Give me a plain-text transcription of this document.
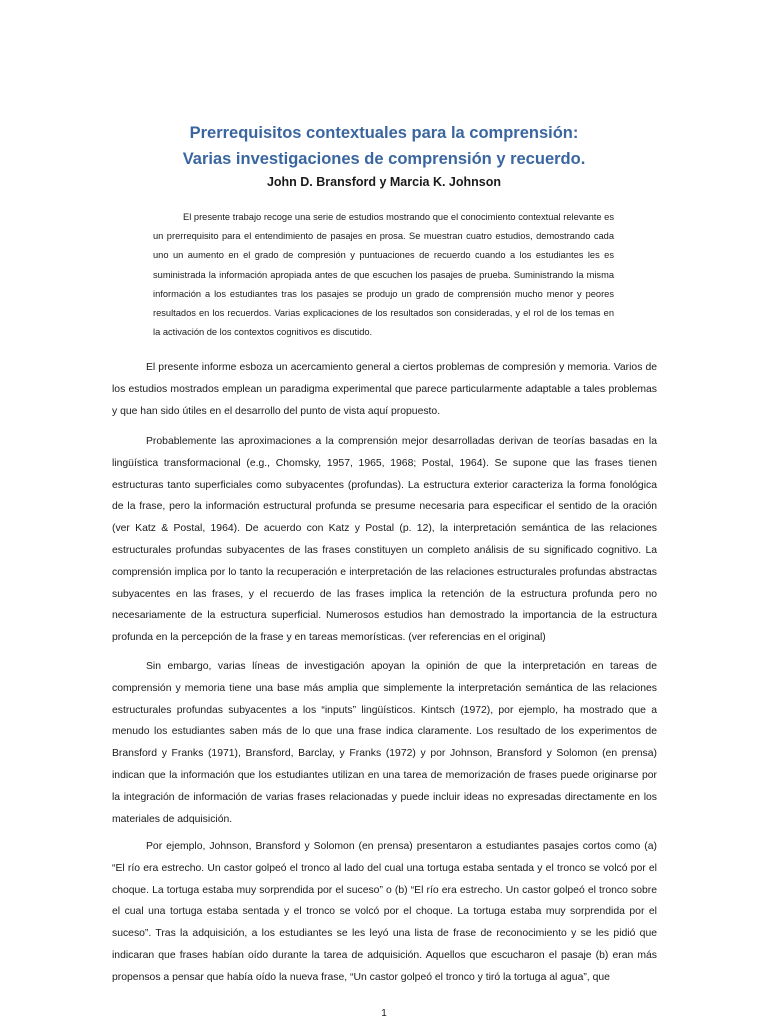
Prerrequisitos contextuales para la comprensión:
Varias investigaciones de comprensión y recuerdo.
John D. Bransford y Marcia K. Johnson

El presente trabajo recoge una serie de estudios mostrando que el conocimiento contextual relevante es un prerrequisito para el entendimiento de pasajes en prosa. Se muestran cuatro estudios, demostrando cada uno un aumento en el grado de compresión y puntuaciones de recuerdo cuando a los estudiantes les es suministrada la información apropiada antes de que escuchen los pasajes de prueba. Suministrando la misma información a los estudiantes tras los pasajes se produjo un grado de comprensión mucho menor y peores resultados en los recuerdos. Varias explicaciones de los resultados son consideradas, y el rol de los temas en la activación de los contextos cognitivos es discutido.

El presente informe esboza un acercamiento general a ciertos problemas de compresión y memoria. Varios de los estudios mostrados emplean un paradigma experimental que parece particularmente adaptable a tales problemas y que han sido útiles en el desarrollo del punto de vista aquí propuesto.

Probablemente las aproximaciones a la comprensión mejor desarrolladas derivan de teorías basadas en la lingüística transformacional (e.g., Chomsky, 1957, 1965, 1968; Postal, 1964). Se supone que las frases tienen estructuras tanto superficiales como subyacentes (profundas). La estructura exterior caracteriza la forma fonológica de la frase, pero la información estructural profunda se presume necesaria para especificar el sentido de la oración (ver Katz & Postal, 1964). De acuerdo con Katz y Postal (p. 12), la interpretación semántica de las relaciones estructurales profundas subyacentes de las frases constituyen un completo análisis de su significado cognitivo. La comprensión implica por lo tanto la recuperación e interpretación de las relaciones estructurales profundas abstractas subyacentes en las frases, y el recuerdo de las frases implica la retención de la estructura profunda pero no necesariamente de la estructura superficial. Numerosos estudios han demostrado la importancia de la estructura profunda en la percepción de la frase y en tareas memorísticas. (ver referencias en el original)

Sin embargo, varias líneas de investigación apoyan la opinión de que la interpretación en tareas de comprensión y memoria tiene una base más amplia que simplemente la interpretación semántica de las relaciones estructurales profundas subyacentes a los “inputs” lingüísticos. Kintsch (1972), por ejemplo, ha mostrado que a menudo los estudiantes saben más de lo que una frase indica claramente. Los resultado de los experimentos de Bransford y Franks (1971), Bransford, Barclay, y Franks (1972) y por Johnson, Bransford y Solomon (en prensa) indican que la información que los estudiantes utilizan en una tarea de memorización de frases puede originarse por la integración de información de varias frases relacionadas y puede incluir ideas no expresadas directamente en los materiales de adquisición.

Por ejemplo, Johnson, Bransford y Solomon (en prensa) presentaron a estudiantes pasajes cortos como (a) “El río era estrecho. Un castor golpeó el tronco al lado del cual una tortuga estaba sentada y el tronco se volcó por el choque. La tortuga estaba muy sorprendida por el suceso” o (b) “El río era estrecho. Un castor golpeó el tronco sobre el cual una tortuga estaba sentada y el tronco se volcó por el choque. La tortuga estaba muy sorprendida por el suceso”. Tras la adquisición, a los estudiantes se les leyó una lista de frase de reconocimiento y se les pidió que indicaran que frases habían oído durante la tarea de adquisición. Aquellos que escucharon el pasaje (b) eran más propensos a pensar que había oído la nueva frase, “Un castor golpeó el tronco y tiró la tortuga al agua”, que

1
